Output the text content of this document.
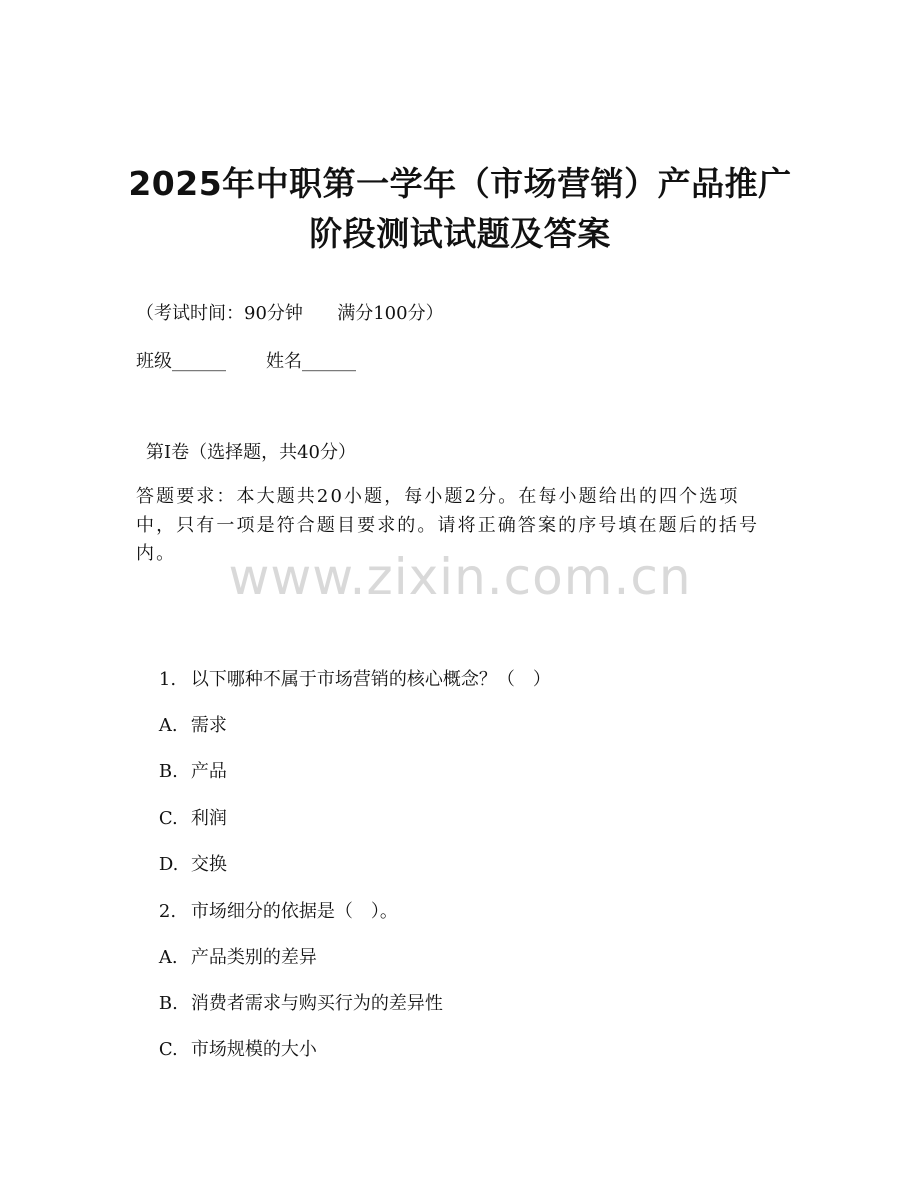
2025年中职第一学年（市场营销）产品推广
阶段测试试题及答案
（考试时间：90分钟      满分100分）
班级______       姓名______
第Ⅰ卷（选择题，共40分）
答题要求：本大题共20小题，每小题2分。在每小题给出的四个选项中，只有一项是符合题目要求的。请将正确答案的序号填在题后的括号内。	www.zixin.com.cn

1. 以下哪种不属于市场营销的核心概念？（　）

A. 需求

B. 产品

C. 利润

D. 交换

2. 市场细分的依据是（　）。

A. 产品类别的差异

B. 消费者需求与购买行为的差异性

C. 市场规模的大小
